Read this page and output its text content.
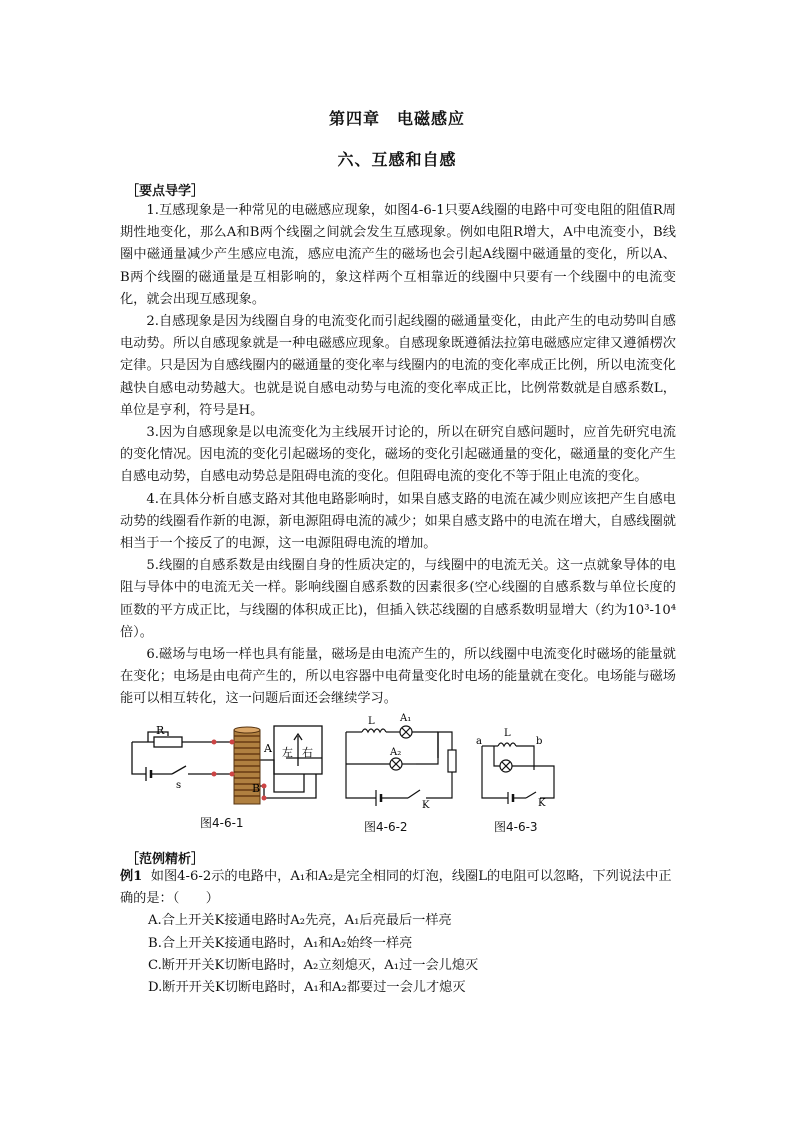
第四章　电磁感应
六、互感和自感
［要点导学］

1.互感现象是一种常见的电磁感应现象，如图4-6-1只要A线圈的电路中可变电阻的阻值R周期性地变化，那么A和B两个线圈之间就会发生互感现象。例如电阻R增大，A中电流变小，B线圈中磁通量减少产生感应电流，感应电流产生的磁场也会引起A线圈中磁通量的变化，所以A、B两个线圈的磁通量是互相影响的，象这样两个互相靠近的线圈中只要有一个线圈中的电流变化，就会出现互感现象。

2.自感现象是因为线圈自身的电流变化而引起线圈的磁通量变化，由此产生的电动势叫自感电动势。所以自感现象就是一种电磁感应现象。自感现象既遵循法拉第电磁感应定律又遵循楞次定律。只是因为自感线圈内的磁通量的变化率与线圈内的电流的变化率成正比例，所以电流变化越快自感电动势越大。也就是说自感电动势与电流的变化率成正比，比例常数就是自感系数L，单位是亨利，符号是H。

3.因为自感现象是以电流变化为主线展开讨论的，所以在研究自感问题时，应首先研究电流的变化情况。因电流的变化引起磁场的变化，磁场的变化引起磁通量的变化，磁通量的变化产生自感电动势，自感电动势总是阻碍电流的变化。但阻碍电流的变化不等于阻止电流的变化。

4.在具体分析自感支路对其他电路影响时，如果自感支路的电流在减少则应该把产生自感电动势的线圈看作新的电源，新电源阻碍电流的减少；如果自感支路中的电流在增大，自感线圈就相当于一个接反了的电源，这一电源阻碍电流的增加。

5.线圈的自感系数是由线圈自身的性质决定的，与线圈中的电流无关。这一点就象导体的电阻与导体中的电流无关一样。影响线圈自感系数的因素很多(空心线圈的自感系数与单位长度的匝数的平方成正比，与线圈的体积成正比)，但插入铁芯线圈的自感系数明显增大（约为10³-10⁴倍）。

6.磁场与电场一样也具有能量，磁场是由电流产生的，所以线圈中电流变化时磁场的能量就在变化；电场是由电荷产生的，所以电容器中电荷量变化时电场的能量就在变化。电场能与磁场能可以相互转化，这一问题后面还会继续学习。

R
s
A
B
左 右
图4-6-1
L	A₁
A₂
K
图4-6-2
L
a	b
K
图4-6-3
［范例精析］

例1 如图4-6-2示的电路中，A₁和A₂是完全相同的灯泡，线圈L的电阻可以忽略，下列说法中正确的是：（　　）

A.合上开关K接通电路时A₂先亮，A₁后亮最后一样亮

B.合上开关K接通电路时，A₁和A₂始终一样亮

C.断开开关K切断电路时，A₂立刻熄灭，A₁过一会儿熄灭

D.断开开关K切断电路时，A₁和A₂都要过一会儿才熄灭
